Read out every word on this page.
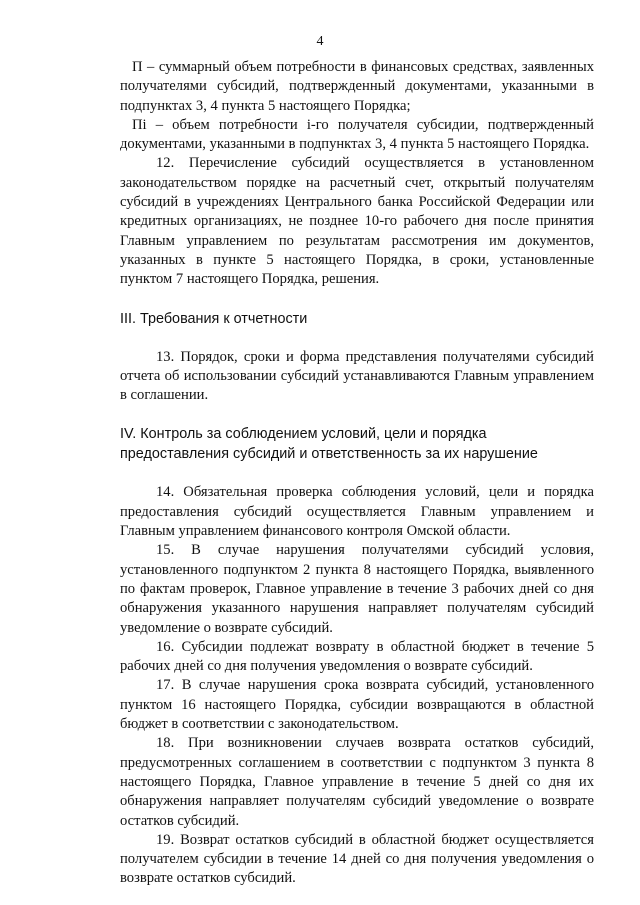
4

П – суммарный объем потребности в финансовых средствах, заявленных получателями субсидий, подтвержденный документами, указанными в подпунктах 3, 4 пункта 5 настоящего Порядка;

Пi – объем потребности i-го получателя субсидии, подтвержденный документами, указанными в подпунктах 3, 4 пункта 5 настоящего Порядка.

12. Перечисление субсидий осуществляется в установленном законодательством порядке на расчетный счет, открытый получателям субсидий в учреждениях Центрального банка Российской Федерации или кредитных организациях, не позднее 10-го рабочего дня после принятия Главным управлением по результатам рассмотрения им документов, указанных в пункте 5 настоящего Порядка, в сроки, установленные пунктом 7 настоящего Порядка, решения.

III. Требования к отчетности

13. Порядок, сроки и форма представления получателями субсидий отчета об использовании субсидий устанавливаются Главным управлением в соглашении.

IV. Контроль за соблюдением условий, цели и порядка

предоставления субсидий и ответственность за их нарушение

14. Обязательная проверка соблюдения условий, цели и порядка предоставления субсидий осуществляется Главным управлением и Главным управлением финансового контроля Омской области.

15. В случае нарушения получателями субсидий условия, установленного подпунктом 2 пункта 8 настоящего Порядка, выявленного по фактам проверок, Главное управление в течение 3 рабочих дней со дня обнаружения указанного нарушения направляет получателям субсидий уведомление о возврате субсидий.

16. Субсидии подлежат возврату в областной бюджет в течение 5 рабочих дней со дня получения уведомления о возврате субсидий.

17. В случае нарушения срока возврата субсидий, установленного пунктом 16 настоящего Порядка, субсидии возвращаются в областной бюджет в соответствии с законодательством.

18. При возникновении случаев возврата остатков субсидий, предусмотренных соглашением в соответствии с подпунктом 3 пункта 8 настоящего Порядка, Главное управление в течение 5 дней со дня их обнаружения направляет получателям субсидий уведомление о возврате остатков субсидий.

19. Возврат остатков субсидий в областной бюджет осуществляется получателем субсидии в течение 14 дней со дня получения уведомления о возврате остатков субсидий.
